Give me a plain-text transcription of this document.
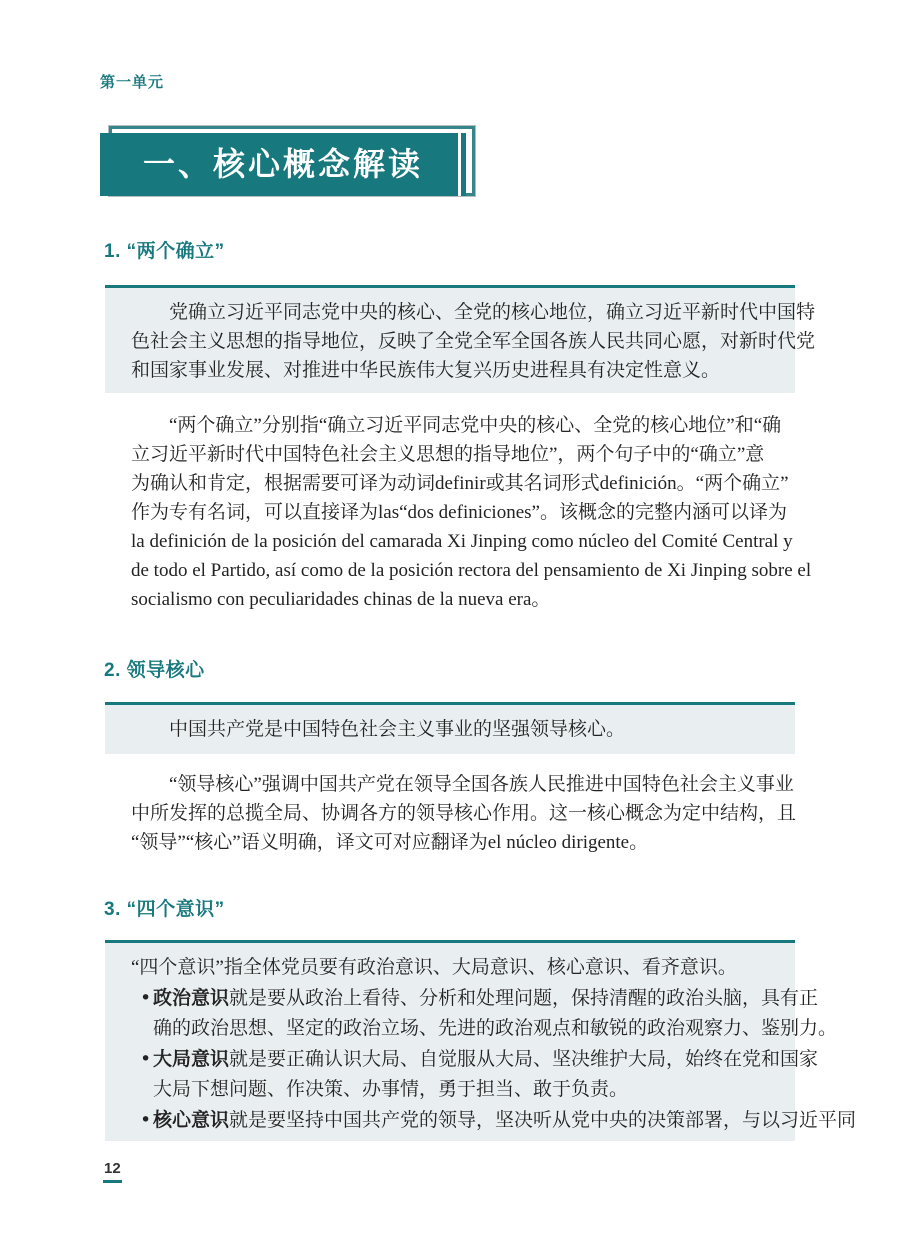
第一单元
一、核心概念解读
1. “两个确立”
党确立习近平同志党中央的核心、全党的核心地位，确立习近平新时代中国特
色社会主义思想的指导地位，反映了全党全军全国各族人民共同心愿，对新时代党
和国家事业发展、对推进中华民族伟大复兴历史进程具有决定性意义。
“两个确立”分别指“确立习近平同志党中央的核心、全党的核心地位”和“确
立习近平新时代中国特色社会主义思想的指导地位”，两个句子中的“确立”意
为确认和肯定，根据需要可译为动词definir或其名词形式definición。“两个确立”
作为专有名词，可以直接译为las“dos definiciones”。该概念的完整内涵可以译为
la definición de la posición del camarada Xi Jinping como núcleo del Comité Central y
de todo el Partido, así como de la posición rectora del pensamiento de Xi Jinping sobre el
socialismo con peculiaridades chinas de la nueva era。
2. 领导核心
中国共产党是中国特色社会主义事业的坚强领导核心。
“领导核心”强调中国共产党在领导全国各族人民推进中国特色社会主义事业
中所发挥的总揽全局、协调各方的领导核心作用。这一核心概念为定中结构，且
“领导”“核心”语义明确，译文可对应翻译为el núcleo dirigente。
3. “四个意识”
“四个意识”指全体党员要有政治意识、大局意识、核心意识、看齐意识。
•政治意识就是要从政治上看待、分析和处理问题，保持清醒的政治头脑，具有正
确的政治思想、坚定的政治立场、先进的政治观点和敏锐的政治观察力、鉴别力。
•大局意识就是要正确认识大局、自觉服从大局、坚决维护大局，始终在党和国家
大局下想问题、作决策、办事情，勇于担当、敢于负责。
•核心意识就是要坚持中国共产党的领导，坚决听从党中央的决策部署，与以习近平同
12
